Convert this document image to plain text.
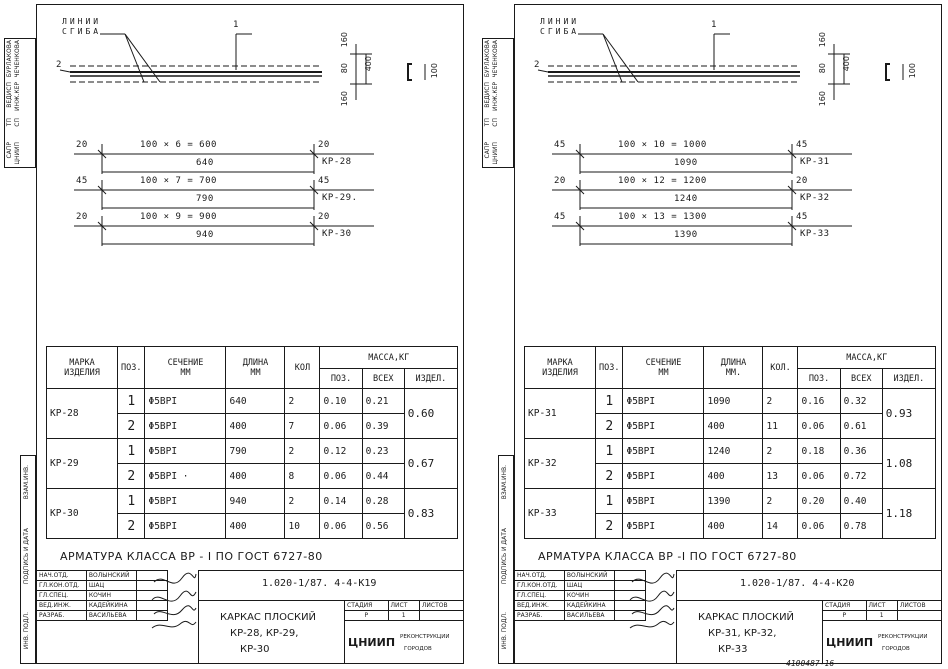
САПР ЦНИИП
ТП СП
ВЕДИСП ИНЖ.КЕР
БУРЛАКОВА ЧЕЧЕНКОВА
ВЗАМ.ИНВ.
ПОДПИСЬ И ДАТА
ИНВ. ПОДЛ.
ЛИНИИ
СГИБА
1
2
160
80 400
160
100
20	100 × 6 = 600	20
640	КР-28
45	100 × 7 = 700	45
790	КР-29.
20	100 × 9 = 900	20
940	КР-30
МАРКА
ИЗДЕЛИЯ	ПОЗ.	СЕЧЕНИЕ
ММ	ДЛИНА
ММ	КОЛ	МАССА,КГ		
					ПОЗ.	ВСЕХ	ИЗДЕЛ.
КР-28	1	Φ5ВРI	640	2	0.10	0.21	0.60
	2	Φ5ВРI	400	7	0.06	0.39	
КР-29	1	Φ5ВРI	790	2	0.12	0.23	0.67
	2	Φ5ВРI ·	400	8	0.06	0.44	
КР-30	1	Φ5ВРI	940	2	0.14	0.28	0.83
	2	Φ5ВРI	400	10	0.06	0.56	
АРМАТУРА КЛАССА ВР - I ПО ГОСТ 6727-80
НАЧ.ОТД.	ВОЛЫНСКИЙ	
ГЛ.КОН.ОТД.	ШАЦ	
ГЛ.СПЕЦ.	КОЧИН	
ВЕД.ИНЖ.	КАДЕЙКИНА	
РАЗРАБ.	ВАСИЛЬЕВА	
1.020-1/87. 4-4-К19
КАРКАС ПЛОСКИЙ
КР-28, КР-29,
КР-30
СТАДИЯ	ЛИСТ	ЛИСТОВ
Р	1	
ЦНИИП РЕКОНСТРУКЦИИ
ГОРОДОВ
САПР ЦНИИП
ТП СП
ВЕДИСП ИНЖ.КЕР
БУРЛАКОВА ЧЕЧЕНКОВА
ВЗАМ.ИНВ.
ПОДПИСЬ И ДАТА
ИНВ. ПОДЛ.
ЛИНИИ
СГИБА
1
2
160
80 400
160
100
45	100 × 10 = 1000	45
1090	КР-31
20	100 × 12 = 1200	20
1240	КР-32
45	100 × 13 = 1300	45
1390	КР-33
МАРКА
ИЗДЕЛИЯ	ПОЗ.	СЕЧЕНИЕ
ММ	ДЛИНА
ММ.	КОЛ.	МАССА,КГ		
					ПОЗ.	ВСЕХ	ИЗДЕЛ.
КР-31	1	Φ5ВРI	1090	2	0.16	0.32	0.93
	2	Φ5ВРI	400	11	0.06	0.61	
КР-32	1	Φ5ВРI	1240	2	0.18	0.36	1.08
	2	Φ5ВРI	400	13	0.06	0.72	
КР-33	1	Φ5ВРI	1390	2	0.20	0.40	1.18
	2	Φ5ВРI	400	14	0.06	0.78	
АРМАТУРА КЛАССА ВР -I ПО ГОСТ 6727-80
НАЧ.ОТД.	ВОЛЫНСКИЙ	
ГЛ.КОН.ОТД.	ШАЦ	
ГЛ.СПЕЦ.	КОЧИН	
ВЕД.ИНЖ.	КАДЕЙКИНА	
РАЗРАБ.	ВАСИЛЬЕВА	
1.020-1/87. 4-4-К20
КАРКАС ПЛОСКИЙ
КР-31, КР-32,
КР-33
СТАДИЯ	ЛИСТ	ЛИСТОВ
Р	1	
ЦНИИП РЕКОНСТРУКЦИИ
ГОРОДОВ
4100487-16
